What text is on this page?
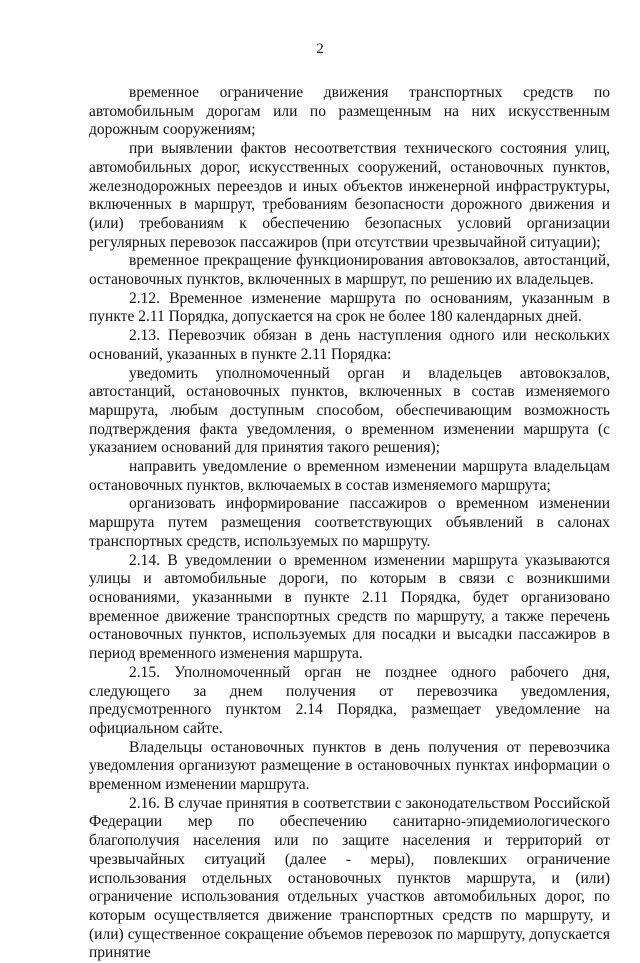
2

временное ограничение движения транспортных средств по автомобильным дорогам или по размещенным на них искусственным дорожным сооружениям;

при выявлении фактов несоответствия технического состояния улиц, автомобильных дорог, искусственных сооружений, остановочных пунктов, железнодорожных переездов и иных объектов инженерной инфраструктуры, включенных в маршрут, требованиям безопасности дорожного движения и (или) требованиям к обеспечению безопасных условий организации регулярных перевозок пассажиров (при отсутствии чрезвычайной ситуации);

временное прекращение функционирования автовокзалов, автостанций, остановочных пунктов, включенных в маршрут, по решению их владельцев.

2.12. Временное изменение маршрута по основаниям, указанным в пункте 2.11 Порядка, допускается на срок не более 180 календарных дней.

2.13. Перевозчик обязан в день наступления одного или нескольких оснований, указанных в пункте 2.11 Порядка:

уведомить уполномоченный орган и владельцев автовокзалов, автостанций, остановочных пунктов, включенных в состав изменяемого маршрута, любым доступным способом, обеспечивающим возможность подтверждения факта уведомления, о временном изменении маршрута (с указанием оснований для принятия такого решения);

направить уведомление о временном изменении маршрута владельцам остановочных пунктов, включаемых в состав изменяемого маршрута;

организовать информирование пассажиров о временном изменении маршрута путем размещения соответствующих объявлений в салонах транспортных средств, используемых по маршруту.

2.14. В уведомлении о временном изменении маршрута указываются улицы и автомобильные дороги, по которым в связи с возникшими основаниями, указанными в пункте 2.11 Порядка, будет организовано временное движение транспортных средств по маршруту, а также перечень остановочных пунктов, используемых для посадки и высадки пассажиров в период временного изменения маршрута.

2.15. Уполномоченный орган не позднее одного рабочего дня, следующего за днем получения от перевозчика уведомления, предусмотренного пунктом 2.14 Порядка, размещает уведомление на официальном сайте.

Владельцы остановочных пунктов в день получения от перевозчика уведомления организуют размещение в остановочных пунктах информации о временном изменении маршрута.

2.16. В случае принятия в соответствии с законодательством Российской Федерации мер по обеспечению санитарно-эпидемиологического благополучия населения или по защите населения и территорий от чрезвычайных ситуаций (далее - меры), повлекших ограничение использования отдельных остановочных пунктов маршрута, и (или) ограничение использования отдельных участков автомобильных дорог, по которым осуществляется движение транспортных средств по маршруту, и (или) существенное сокращение объемов перевозок по маршруту, допускается принятие
